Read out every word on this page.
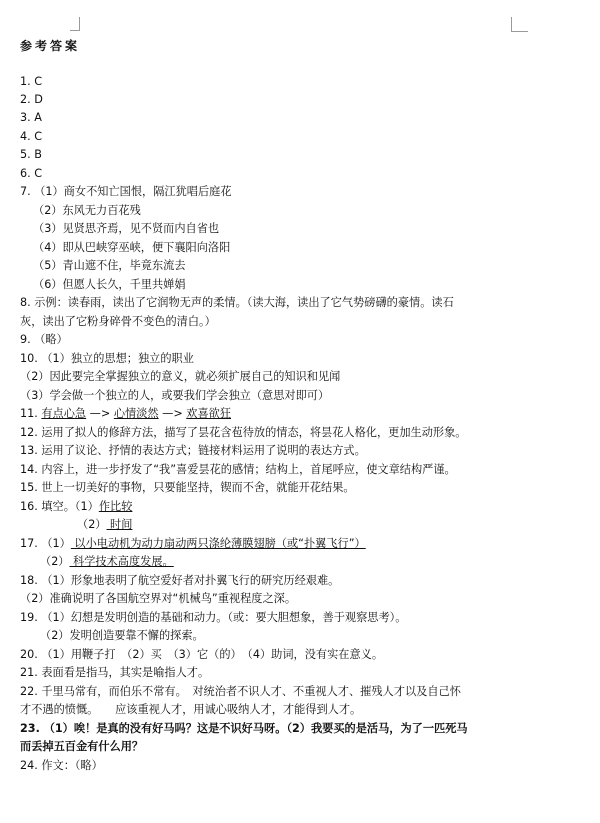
参考答案
1. C
2. D
3. A
4. C
5. B
6. C
7. （1）商女不知亡国恨，隔江犹唱后庭花
（2）东风无力百花残
（3）见贤思齐焉，见不贤而内自省也
（4）即从巴峡穿巫峡，便下襄阳向洛阳
（5）青山遮不住，毕竟东流去
（6）但愿人长久，千里共婵娟
8. 示例：读春雨，读出了它润物无声的柔情。（读大海，读出了它气势磅礴的豪情。读石
灰，读出了它粉身碎骨不变色的清白。）
9. （略）
10. （1）独立的思想；独立的职业
（2）因此要完全掌握独立的意义，就必须扩展自己的知识和见闻
（3）学会做一个独立的人，或要我们学会独立（意思对即可）
11. 有点心急 —> 心情淡然 —> 欢喜欲狂
12. 运用了拟人的修辞方法，描写了昙花含苞待放的情态，将昙花人格化，更加生动形象。
13. 运用了议论、抒情的表达方式；链接材料运用了说明的表达方式。
14. 内容上，进一步抒发了“我”喜爱昙花的感情；结构上，首尾呼应，使文章结构严谨。
15. 世上一切美好的事物，只要能坚持，锲而不舍，就能开花结果。
16. 填空。（1）作比较
（2） 时间
17. （1） 以小电动机为动力扇动两只涤纶薄膜翅膀（或“扑翼飞行”）
（2） 科学技术高度发展。
18. （1）形象地表明了航空爱好者对扑翼飞行的研究历经艰难。
（2）准确说明了各国航空界对“机械鸟”重视程度之深。
19. （1）幻想是发明创造的基础和动力。（或：要大胆想象，善于观察思考）。
（2）发明创造要靠不懈的探索。
20. （1）用鞭子打　（2）买　（3）它（的）　（4）助词，没有实在意义。
21. 表面看是指马，其实是喻指人才。
22. 千里马常有，而伯乐不常有。　对统治者不识人才、不重视人才、摧残人才以及自己怀
才不遇的愤慨。　　应该重视人才，用诚心吸纳人才，才能得到人才。
23. （1）唉！是真的没有好马吗？这是不识好马呀。（2）我要买的是活马，为了一匹死马
而丢掉五百金有什么用？
24. 作文：（略）
